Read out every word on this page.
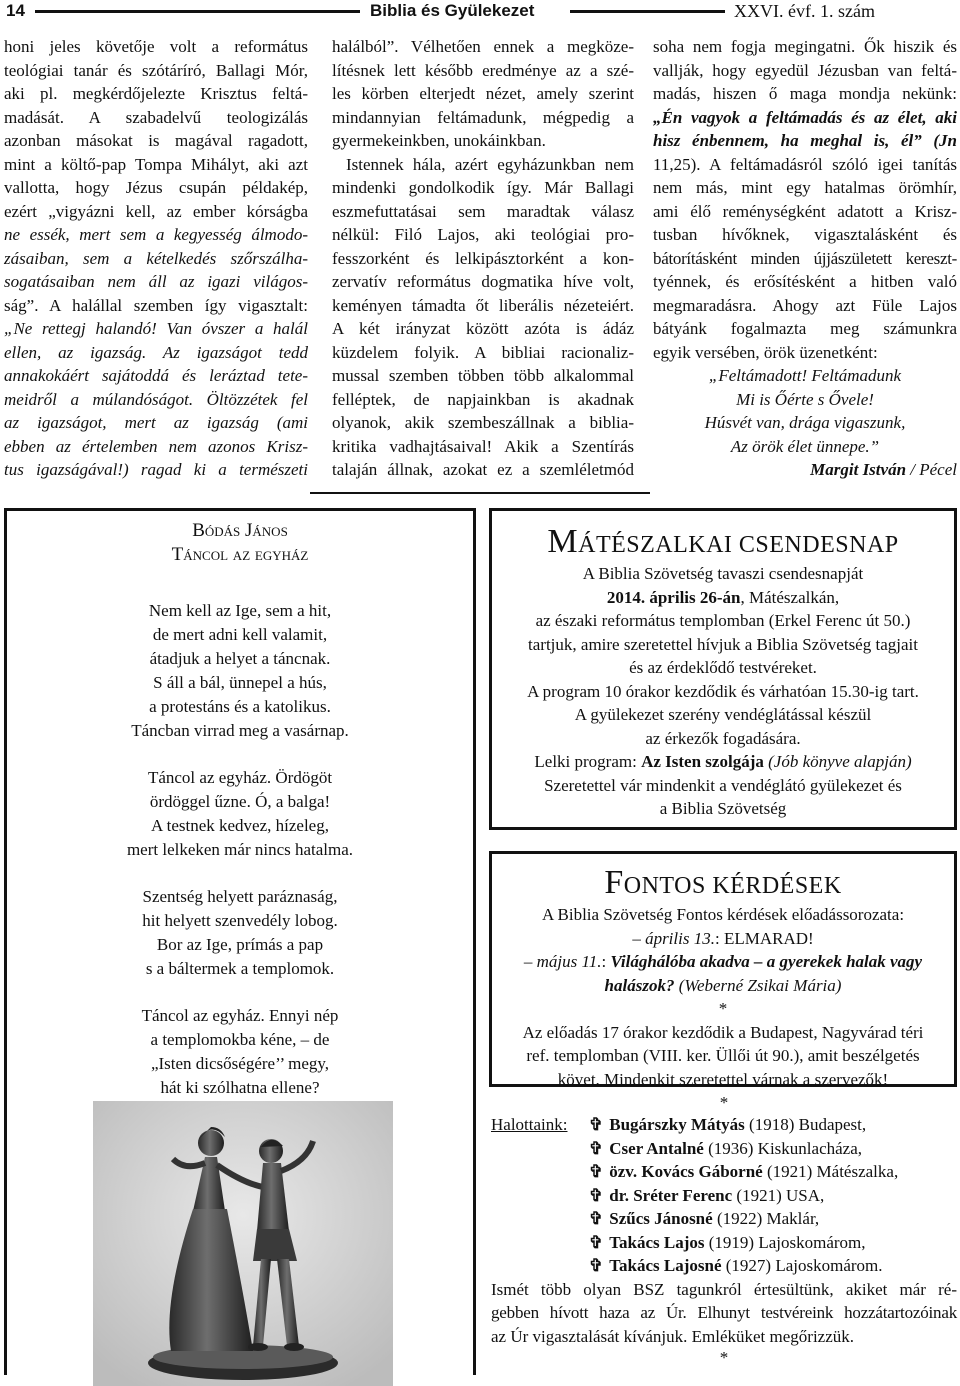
14	Biblia és Gyülekezet	XXVI. évf. 1. szám
honi jeles követője volt a református
teológiai tanár és szótáríró, Ballagi Mór,
aki pl. megkérdőjelezte Krisztus feltá-
madását. A szabadelvű teologizálás
azonban másokat is magával ragadott,
mint a költő-pap Tompa Mihályt, aki azt
vallotta, hogy Jézus csupán példakép,
ezért „vigyázni kell, az ember kórságba
ne essék, mert sem a kegyesség álmodo-
zásaiban, sem a kételkedés szőrszálha-
sogatásaiban nem áll az igazi világos-
ság”. A halállal szemben így vigasztalt:
„Ne rettegj halandó! Van óvszer a halál
ellen, az igazság. Az igazságot tedd
annakokáért sajátoddá és leráztad tete-
meidről a múlandóságot. Öltözzétek fel
az igazságot, mert az igazság (ami
ebben az értelemben nem azonos Krisz-
tus igazságával!) ragad ki a természeti
halálból”. Vélhetően ennek a megköze-
lítésnek lett később eredménye az a szé-
les körben elterjedt nézet, amely szerint
mindannyian feltámadunk, mégpedig a
gyermekeinkben, unokáinkban.
Istennek hála, azért egyházunkban nem
mindenki gondolkodik így. Már Ballagi
eszmefuttatásai sem maradtak válasz
nélkül: Filó Lajos, aki teológiai pro-
fesszorként és lelkipásztorként a kon-
zervatív református dogmatika híve volt,
keményen támadta őt liberális nézeteiért.
A két irányzat között azóta is ádáz
küzdelem folyik. A bibliai racionaliz-
mussal szemben többen több alkalommal
felléptek, de napjainkban is akadnak
olyanok, akik szembeszállnak a biblia-
kritika vadhajtásaival! Akik a Szentírás
talaján állnak, azokat ez a szemléletmód
soha nem fogja megingatni. Ők hiszik és
vallják, hogy egyedül Jézusban van feltá-
madás, hiszen ő maga mondja nekünk:
„Én vagyok a feltámadás és az élet, aki
hisz énbennem, ha meghal is, él” (Jn
11,25). A feltámadásról szóló igei tanítás
nem más, mint egy hatalmas örömhír,
ami élő reménységként adatott a Krisz-
tusban hívőknek, vigasztalásként és
bátorításként minden újjászületett kereszt-
tyénnek, és erősítésként a hitben való
megmaradásra. Ahogy azt Füle Lajos
bátyánk fogalmazta meg számunkra
egyik versében, örök üzenetként:
„Feltámadott! Feltámadunk
Mi is Őérte s Ővele!
Húsvét van, drága vigaszunk,
Az örök élet ünnepe.”
Margit István / Pécel
Bódás János
Táncol az egyház
Nem kell az Ige, sem a hit,
de mert adni kell valamit,
átadjuk a helyet a táncnak.
S áll a bál, ünnepel a hús,
a protestáns és a katolikus.
Táncban virrad meg a vasárnap.
Táncol az egyház. Ördögöt
ördöggel űzne. Ó, a balga!
A testnek kedvez, hízeleg,
mert lelkeken már nincs hatalma.
Szentség helyett paráznaság,
hit helyett szenvedély lobog.
Bor az Ige, prímás a pap
s a báltermek a templomok.
Táncol az egyház. Ennyi nép
a templomokba kéne, – de
„Isten dicsőségére’’ megy,
hát ki szólhatna ellene?
MÁTÉSZALKAI CSENDESNAP
A Biblia Szövetség tavaszi csendesnapját
2014. április 26-án, Mátészalkán,
az északi református templomban (Erkel Ferenc út 50.)
tartjuk, amire szeretettel hívjuk a Biblia Szövetség tagjait
és az érdeklődő testvéreket.
A program 10 órakor kezdődik és várhatóan 15.30-ig tart.
A gyülekezet szerény vendéglátással készül
az érkezők fogadására.
Lelki program: Az Isten szolgája (Jób könyve alapján)
Szeretettel vár mindenkit a vendéglátó gyülekezet és
a Biblia Szövetség
FONTOS KÉRDÉSEK
A Biblia Szövetség Fontos kérdések előadássorozata:
– április 13.: ELMARAD!
– május 11.: Világhálóba akadva – a gyerekek halak vagy
halászok? (Weberné Zsikai Mária)
*
Az előadás 17 órakor kezdődik a Budapest, Nagyvárad téri
ref. templomban (VIII. ker. Üllői út 90.), amit beszélgetés
követ. Mindenkit szeretettel várnak a szervezők!
*
Halottaink:	✞ Bugárszky Mátyás (1918) Budapest,
✞ Cser Antalné (1936) Kiskunlacháza,
✞ özv. Kovács Gáborné (1921) Mátészalka,
✞ dr. Sréter Ferenc (1921) USA,
✞ Szűcs Jánosné (1922) Maklár,
✞ Takács Lajos (1919) Lajoskomárom,
✞ Takács Lajosné (1927) Lajoskomárom.
Ismét több olyan BSZ tagunkról értesültünk, akiket már ré-
gebben hívott haza az Úr. Elhunyt testvéreink hozzátartozóinak
az Úr vigasztalását kívánjuk. Emléküket megőrizzük.
*
